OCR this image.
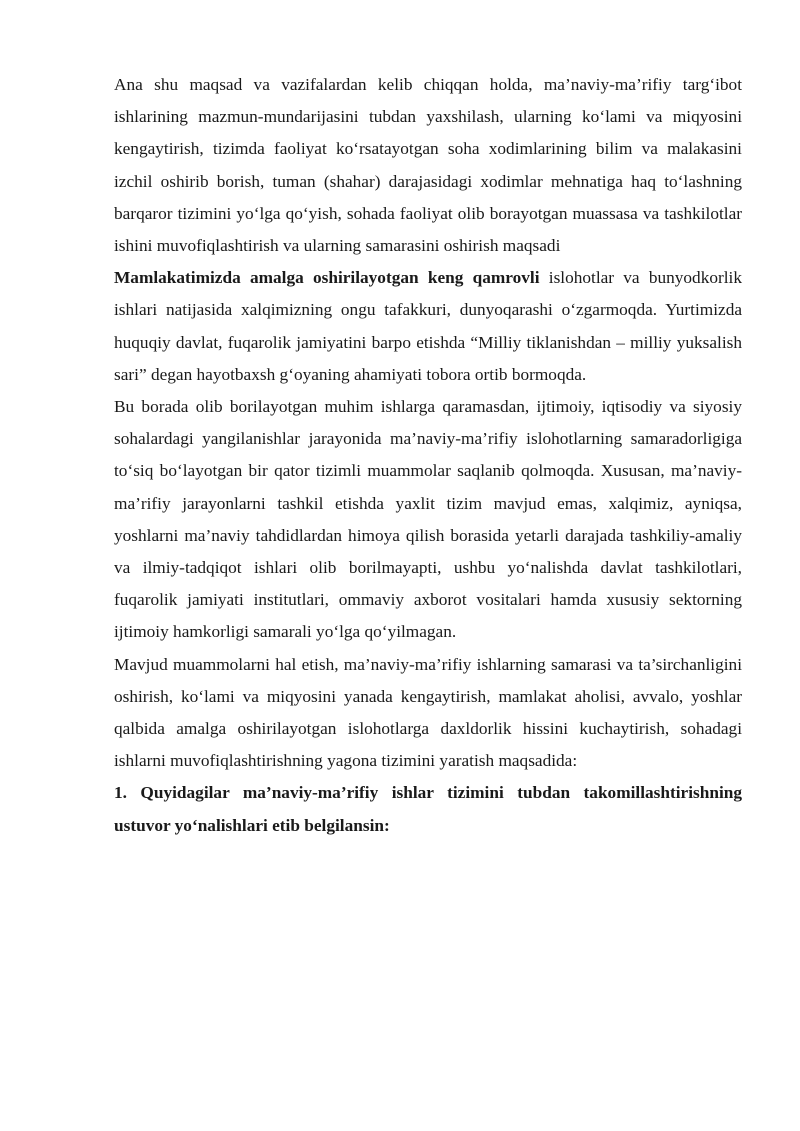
Ana shu maqsad va vazifalardan kelib chiqqan holda, ma’naviy-ma’rifiy targ‘ibot ishlarining mazmun-mundarijasini tubdan yaxshilash, ularning ko‘lami va miqyosini kengaytirish, tizimda faoliyat ko‘rsatayotgan soha xodimlarining bilim va malakasini izchil oshirib borish, tuman (shahar) darajasidagi xodimlar mehnatiga haq to‘lashning barqaror tizimini yo‘lga qo‘yish, sohada faoliyat olib borayotgan muassasa va tashkilotlar ishini muvofiqlashtirish va ularning samarasini oshirish maqsadi

Mamlakatimizda amalga oshirilayotgan keng qamrovli islohotlar va bunyodkorlik ishlari natijasida xalqimizning ongu tafakkuri, dunyoqarashi o‘zgarmoqda. Yurtimizda huquqiy davlat, fuqarolik jamiyatini barpo etishda “Milliy tiklanishdan – milliy yuksalish sari” degan hayotbaxsh g‘oyaning ahamiyati tobora ortib bormoqda.

Bu borada olib borilayotgan muhim ishlarga qaramasdan, ijtimoiy, iqtisodiy va siyosiy sohalardagi yangilanishlar jarayonida ma’naviy-ma’rifiy islohotlarning samaradorligiga to‘siq bo‘layotgan bir qator tizimli muammolar saqlanib qolmoqda. Xususan, ma’naviy-ma’rifiy jarayonlarni tashkil etishda yaxlit tizim mavjud emas, xalqimiz, ayniqsa, yoshlarni ma’naviy tahdidlardan himoya qilish borasida yetarli darajada tashkiliy-amaliy va ilmiy-tadqiqot ishlari olib borilmayapti, ushbu yo‘nalishda davlat tashkilotlari, fuqarolik jamiyati institutlari, ommaviy axborot vositalari hamda xususiy sektorning ijtimoiy hamkorligi samarali yo‘lga qo‘yilmagan.

Mavjud muammolarni hal etish, ma’naviy-ma’rifiy ishlarning samarasi va ta’sirchanligini oshirish, ko‘lami va miqyosini yanada kengaytirish, mamlakat aholisi, avvalo, yoshlar qalbida amalga oshirilayotgan islohotlarga daxldorlik hissini kuchaytirish, sohadagi ishlarni muvofiqlashtirishning yagona tizimini yaratish maqsadida:

1. Quyidagilar ma’naviy-ma’rifiy ishlar tizimini tubdan takomillashtirishning ustuvor yo‘nalishlari etib belgilansin:
